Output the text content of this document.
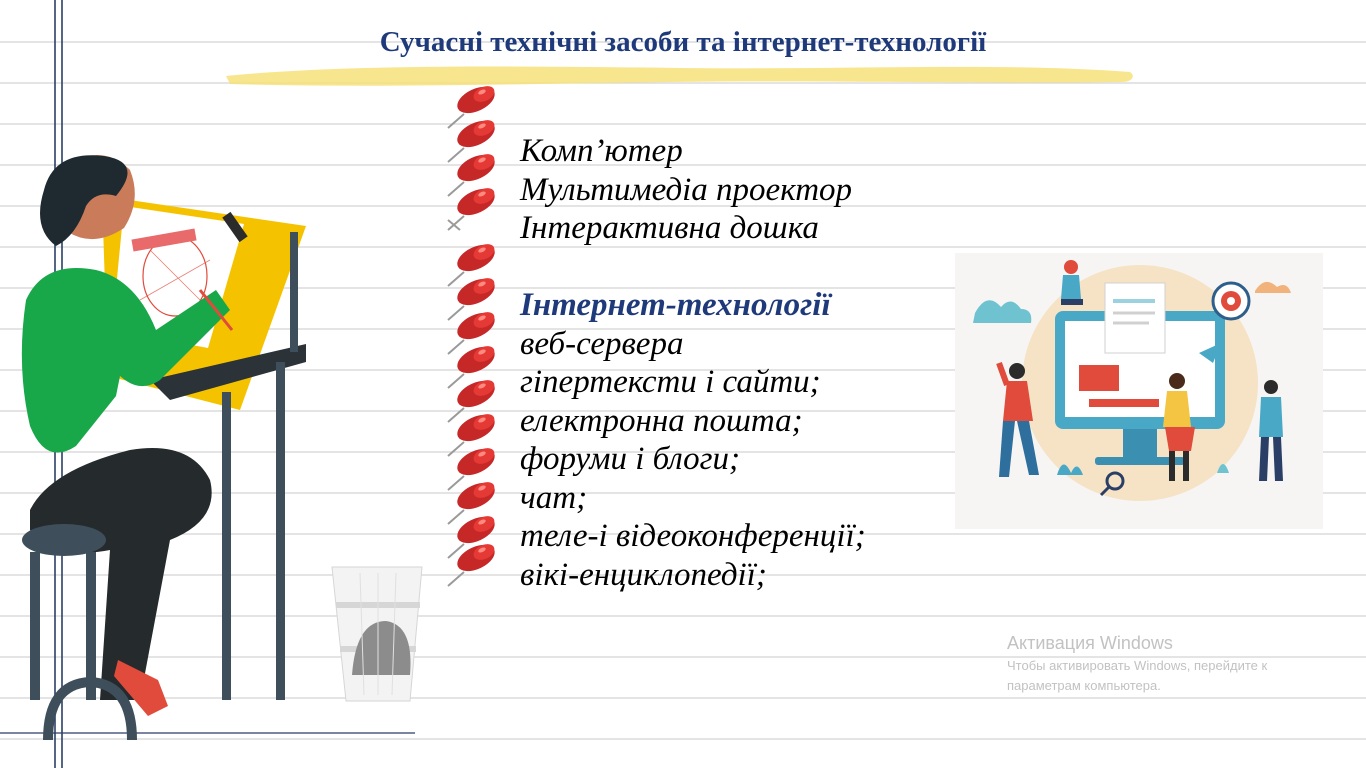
Сучасні технічні засоби та інтернет-технології
Комп’ютер
Мультимедіа проектор
Інтерактивна дошка
Інтернет-технології
веб-сервера
гіпертексти і сайти;
електронна пошта;
форуми і блоги;
чат;
теле-і відеоконференції;
вікі-енциклопедії;
Активация Windows
Чтобы активировать Windows, перейдите к
параметрам компьютера.
